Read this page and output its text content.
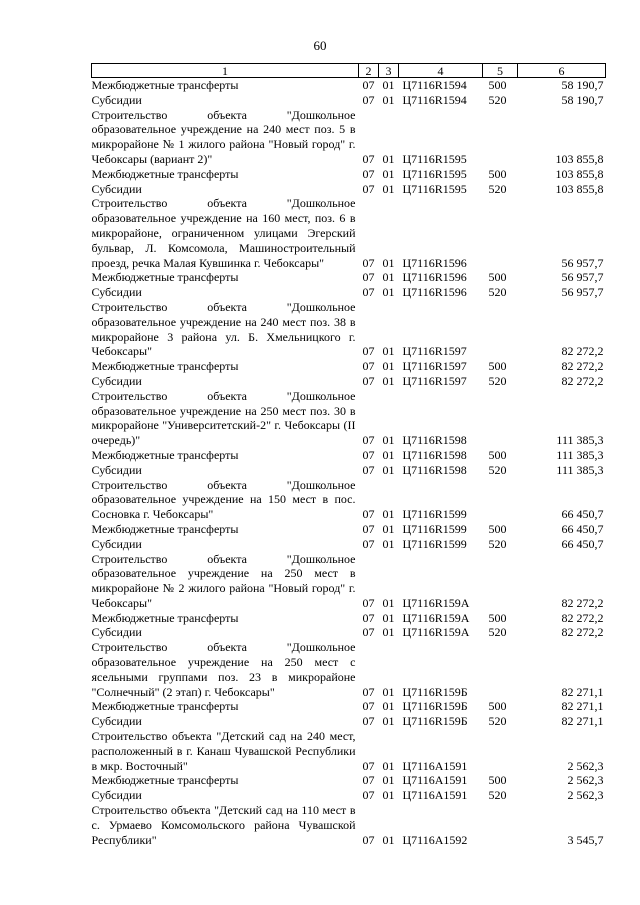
60
1	2	3	4	5	6
Межбюджетные трансферты	07	01	Ц7116R1594	500	58 190,7
Субсидии	07	01	Ц7116R1594	520	58 190,7
Строительство объекта "Дошкольное образовательное учреждение на 240 мест поз. 5 в микрорайоне № 1 жилого района "Новый город" г. Чебоксары (вариант 2)"	07	01	Ц7116R1595		103 855,8
Межбюджетные трансферты	07	01	Ц7116R1595	500	103 855,8
Субсидии	07	01	Ц7116R1595	520	103 855,8
Строительство объекта "Дошкольное образовательное учреждение на 160 мест, поз. 6 в микрорайоне, ограниченном улицами Эгерский бульвар, Л. Комсомола, Машиностроительный проезд, речка Малая Кувшинка г. Чебоксары"	07	01	Ц7116R1596		56 957,7
Межбюджетные трансферты	07	01	Ц7116R1596	500	56 957,7
Субсидии	07	01	Ц7116R1596	520	56 957,7
Строительство объекта "Дошкольное образовательное учреждение на 240 мест поз. 38 в микрорайоне 3 района ул. Б. Хмельницкого г. Чебоксары"	07	01	Ц7116R1597		82 272,2
Межбюджетные трансферты	07	01	Ц7116R1597	500	82 272,2
Субсидии	07	01	Ц7116R1597	520	82 272,2
Строительство объекта "Дошкольное образовательное учреждение на 250 мест поз. 30 в микрорайоне "Университетский-2" г. Чебоксары (II очередь)"	07	01	Ц7116R1598		111 385,3
Межбюджетные трансферты	07	01	Ц7116R1598	500	111 385,3
Субсидии	07	01	Ц7116R1598	520	111 385,3
Строительство объекта "Дошкольное образовательное учреждение на 150 мест в пос. Сосновка г. Чебоксары"	07	01	Ц7116R1599		66 450,7
Межбюджетные трансферты	07	01	Ц7116R1599	500	66 450,7
Субсидии	07	01	Ц7116R1599	520	66 450,7
Строительство объекта "Дошкольное образовательное учреждение на 250 мест в микрорайоне № 2 жилого района "Новый город" г. Чебоксары"	07	01	Ц7116R159А		82 272,2
Межбюджетные трансферты	07	01	Ц7116R159А	500	82 272,2
Субсидии	07	01	Ц7116R159А	520	82 272,2
Строительство объекта "Дошкольное образовательное учреждение на 250 мест с ясельными группами поз. 23 в микрорайоне "Солнечный" (2 этап) г. Чебоксары"	07	01	Ц7116R159Б		82 271,1
Межбюджетные трансферты	07	01	Ц7116R159Б	500	82 271,1
Субсидии	07	01	Ц7116R159Б	520	82 271,1
Строительство объекта "Детский сад на 240 мест, расположенный в г. Канаш Чувашской Республики в мкр. Восточный"	07	01	Ц7116А1591		2 562,3
Межбюджетные трансферты	07	01	Ц7116А1591	500	2 562,3
Субсидии	07	01	Ц7116А1591	520	2 562,3
Строительство объекта "Детский сад на 110 мест в с. Урмаево Комсомольского района Чувашской Республики"	07	01	Ц7116А1592		3 545,7
